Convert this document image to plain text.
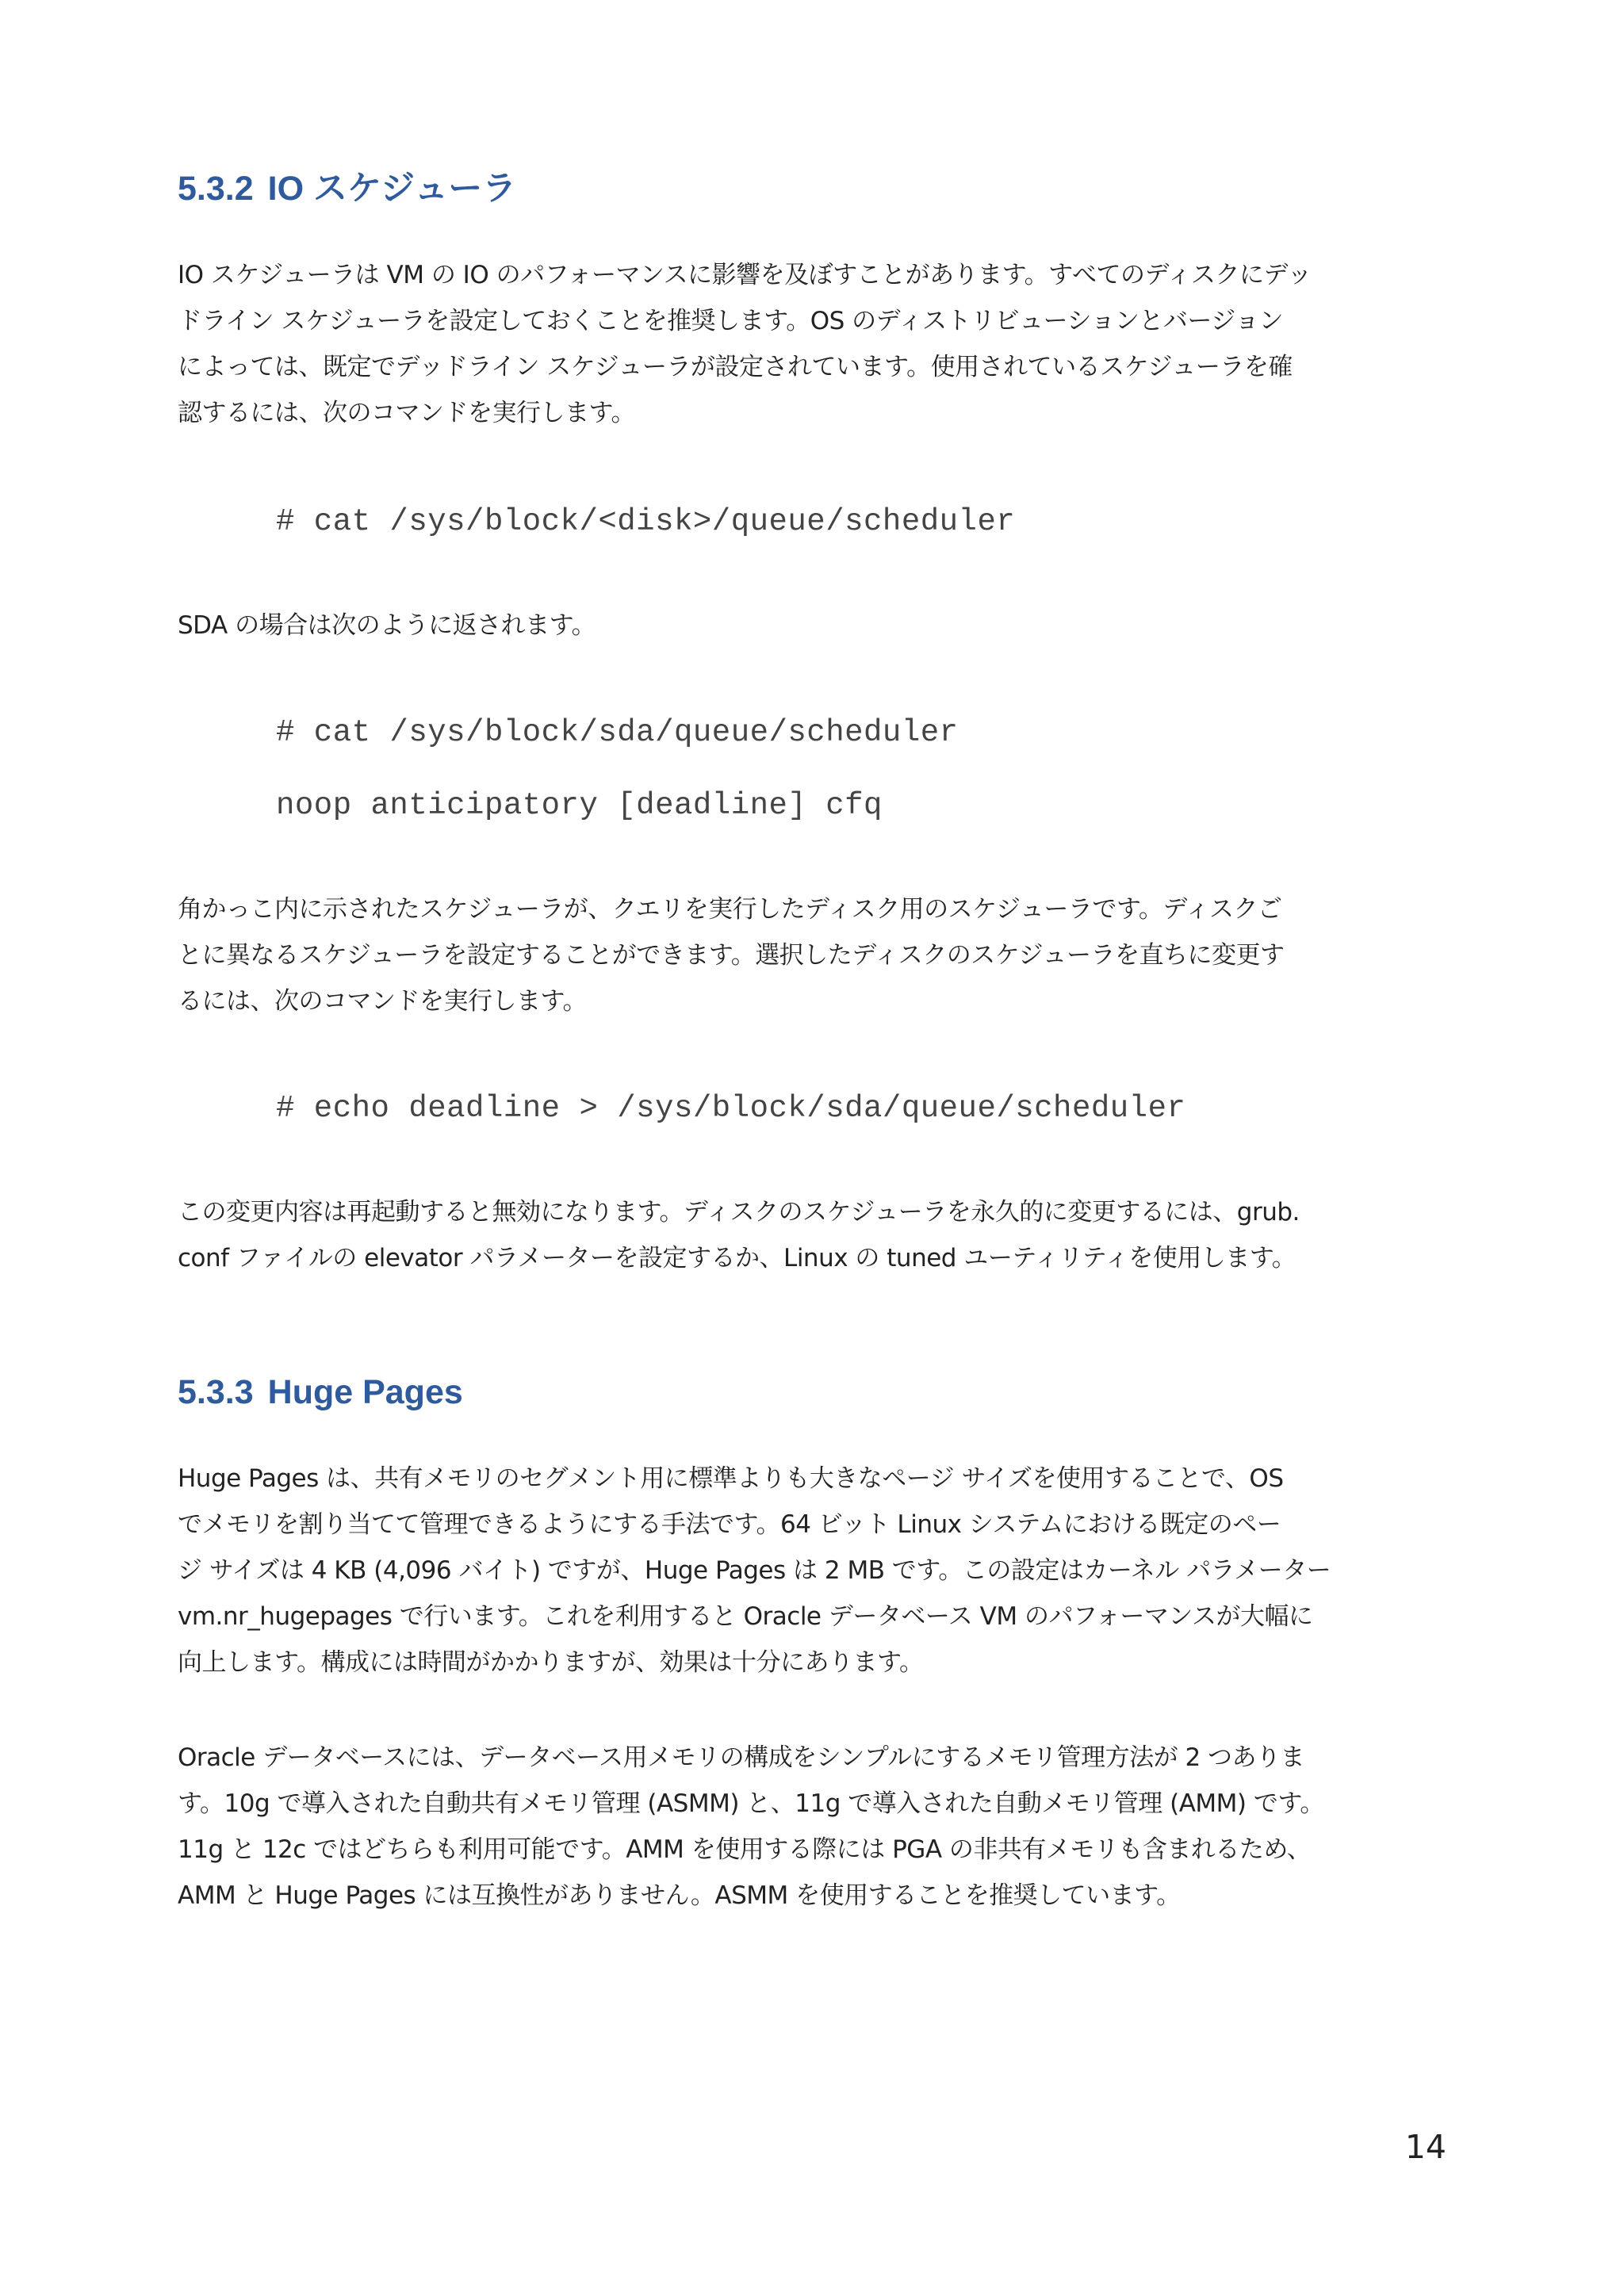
5.3.2 IO スケジューラ

IO スケジューラは VM の IO のパフォーマンスに影響を及ぼすことがあります。すべてのディスクにデッ
ドライン スケジューラを設定しておくことを推奨します。OS のディストリビューションとバージョン
によっては、既定でデッドライン スケジューラが設定されています。使用されているスケジューラを確
認するには、次のコマンドを実行します。

# cat /sys/block/<disk>/queue/scheduler

SDA の場合は次のように返されます。

# cat /sys/block/sda/queue/scheduler
noop anticipatory [deadline] cfq

角かっこ内に示されたスケジューラが、クエリを実行したディスク用のスケジューラです。ディスクご
とに異なるスケジューラを設定することができます。選択したディスクのスケジューラを直ちに変更す
るには、次のコマンドを実行します。

# echo deadline > /sys/block/sda/queue/scheduler

この変更内容は再起動すると無効になります。ディスクのスケジューラを永久的に変更するには、grub.
conf ファイルの elevator パラメーターを設定するか、Linux の tuned ユーティリティを使用します。

5.3.3 Huge Pages

Huge Pages は、共有メモリのセグメント用に標準よりも大きなページ サイズを使用することで、OS
でメモリを割り当てて管理できるようにする手法です。64 ビット Linux システムにおける既定のペー
ジ サイズは 4 KB (4,096 バイト) ですが、Huge Pages は 2 MB です。この設定はカーネル パラメーター
vm.nr_hugepages で行います。これを利用すると Oracle データベース VM のパフォーマンスが大幅に
向上します。構成には時間がかかりますが、効果は十分にあります。

Oracle データベースには、データベース用メモリの構成をシンプルにするメモリ管理方法が 2 つありま
す。10g で導入された自動共有メモリ管理 (ASMM) と、11g で導入された自動メモリ管理 (AMM) です。
11g と 12c ではどちらも利用可能です。AMM を使用する際には PGA の非共有メモリも含まれるため、
AMM と Huge Pages には互換性がありません。ASMM を使用することを推奨しています。

14
